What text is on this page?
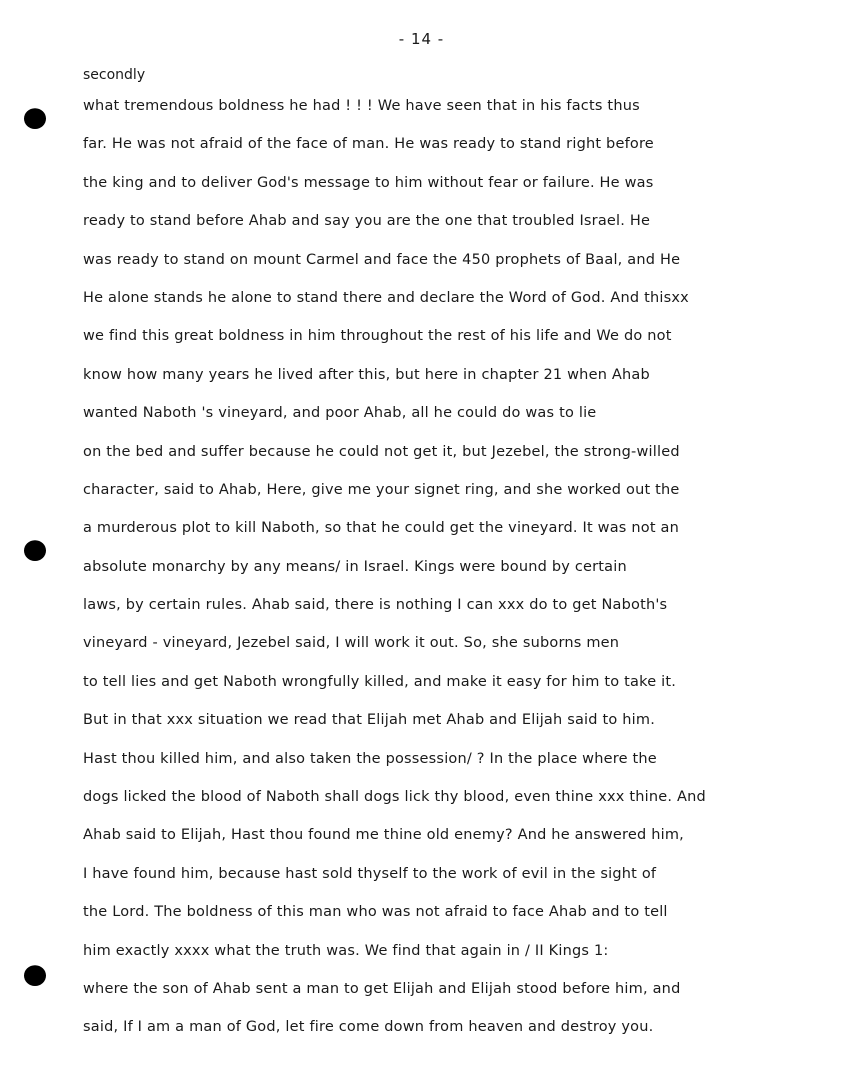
- 14 -
secondly
what tremendous boldness he had ! ! ! We have seen that in his facts thus
far. He was not afraid of the face of man. He was ready to stand right before
the king and to deliver God's message to him without fear or failure. He was
ready to stand before Ahab and say you are the one that troubled Israel. He
was ready to stand on mount Carmel and face the 450 prophets of Baal, and He
He alone stands he alone to stand there and declare the Word of God. And thisxx
we find this great boldness in him throughout the rest of his life and We do not
know how many years he lived after this, but here in chapter 21 when Ahab
wanted Naboth 's vineyard, and poor Ahab, all he could do was to lie
on the bed and suffer because he could not get it, but Jezebel, the strong-willed
character, said to Ahab, Here, give me your signet ring, and she worked out the
a murderous plot to kill Naboth, so that he could get the vineyard. It was not an
absolute monarchy by any means/ in Israel. Kings were bound by certain
laws, by certain rules. Ahab said, there is nothing I can xxx do to get Naboth's
vineyard - vineyard, Jezebel said, I will work it out. So, she suborns men
to tell lies and get Naboth wrongfully killed, and make it easy for him to take it.
But in that xxx situation we read that Elijah met Ahab and Elijah said to him.
Hast thou killed him, and also taken the possession/ ? In the place where the
dogs licked the blood of Naboth shall dogs lick thy blood, even thine xxx thine. And
Ahab said to Elijah, Hast thou found me thine old enemy? And he answered him,
I have found him, because hast sold thyself to the work of evil in the sight of
the Lord. The boldness of this man who was not afraid to face Ahab and to tell
him exactly xxxx what the truth was. We find that again in / II Kings 1:
where the son of Ahab sent a man to get Elijah and Elijah stood before him, and
said, If I am a man of God, let fire come down from heaven and destroy you.
